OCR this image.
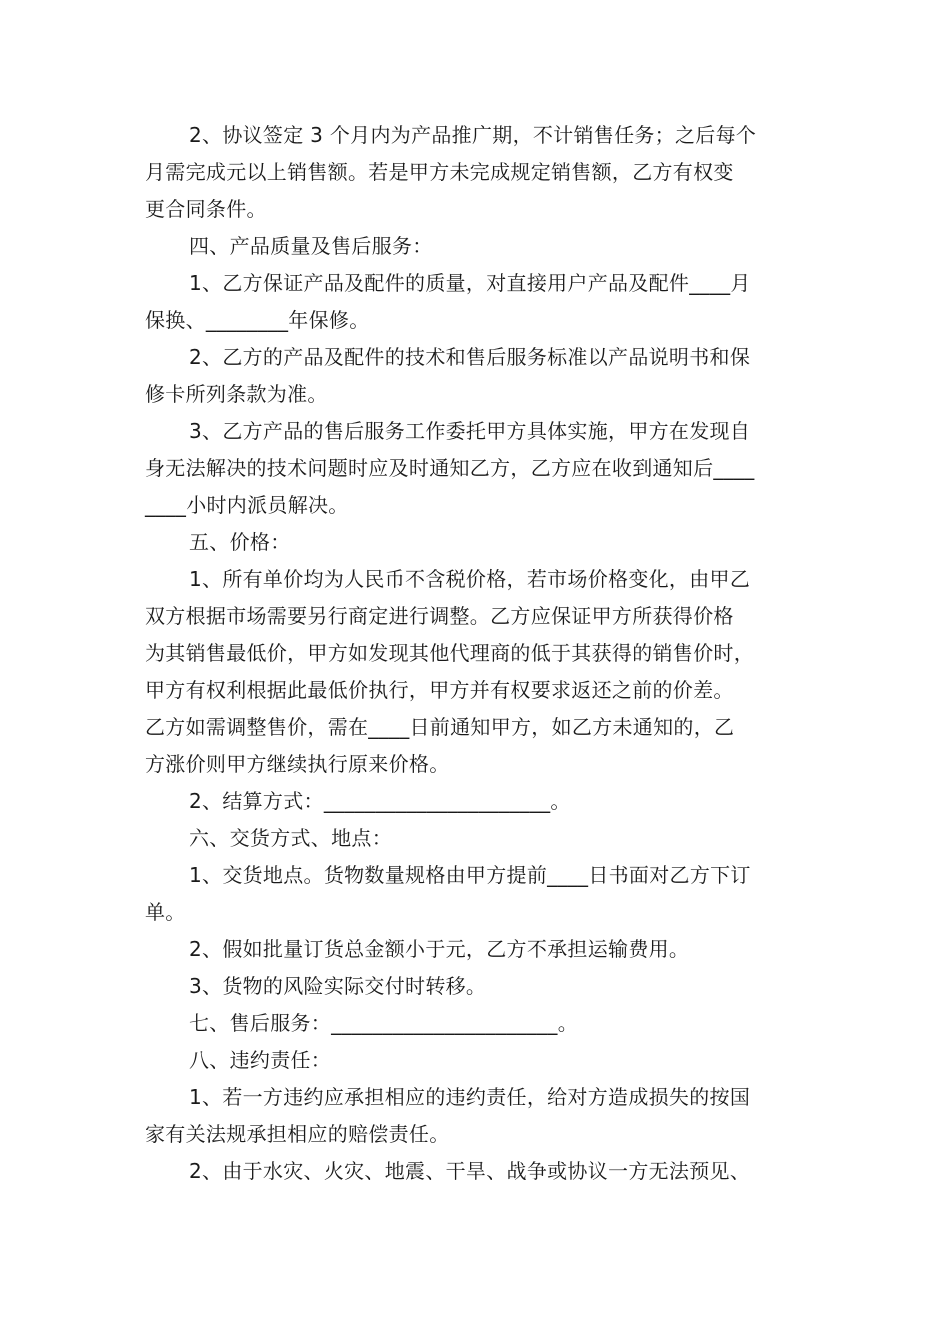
2、协议签定 3 个月内为产品推广期，不计销售任务；之后每个
月需完成元以上销售额。若是甲方未完成规定销售额，乙方有权变
更合同条件。
四、产品质量及售后服务：
1、乙方保证产品及配件的质量，对直接用户产品及配件____月
保换、________年保修。
2、乙方的产品及配件的技术和售后服务标准以产品说明书和保
修卡所列条款为准。
3、乙方产品的售后服务工作委托甲方具体实施，甲方在发现自
身无法解决的技术问题时应及时通知乙方，乙方应在收到通知后____
____小时内派员解决。
五、价格：
1、所有单价均为人民币不含税价格，若市场价格变化，由甲乙
双方根据市场需要另行商定进行调整。乙方应保证甲方所获得价格
为其销售最低价，甲方如发现其他代理商的低于其获得的销售价时，
甲方有权利根据此最低价执行，甲方并有权要求返还之前的价差。
乙方如需调整售价，需在____日前通知甲方，如乙方未通知的，乙
方涨价则甲方继续执行原来价格。
2、结算方式：______________________。
六、交货方式、地点：
1、交货地点。货物数量规格由甲方提前____日书面对乙方下订
单。
2、假如批量订货总金额小于元，乙方不承担运输费用。
3、货物的风险实际交付时转移。
七、售后服务：______________________。
八、违约责任：
1、若一方违约应承担相应的违约责任，给对方造成损失的按国
家有关法规承担相应的赔偿责任。
2、由于水灾、火灾、地震、干旱、战争或协议一方无法预见、
